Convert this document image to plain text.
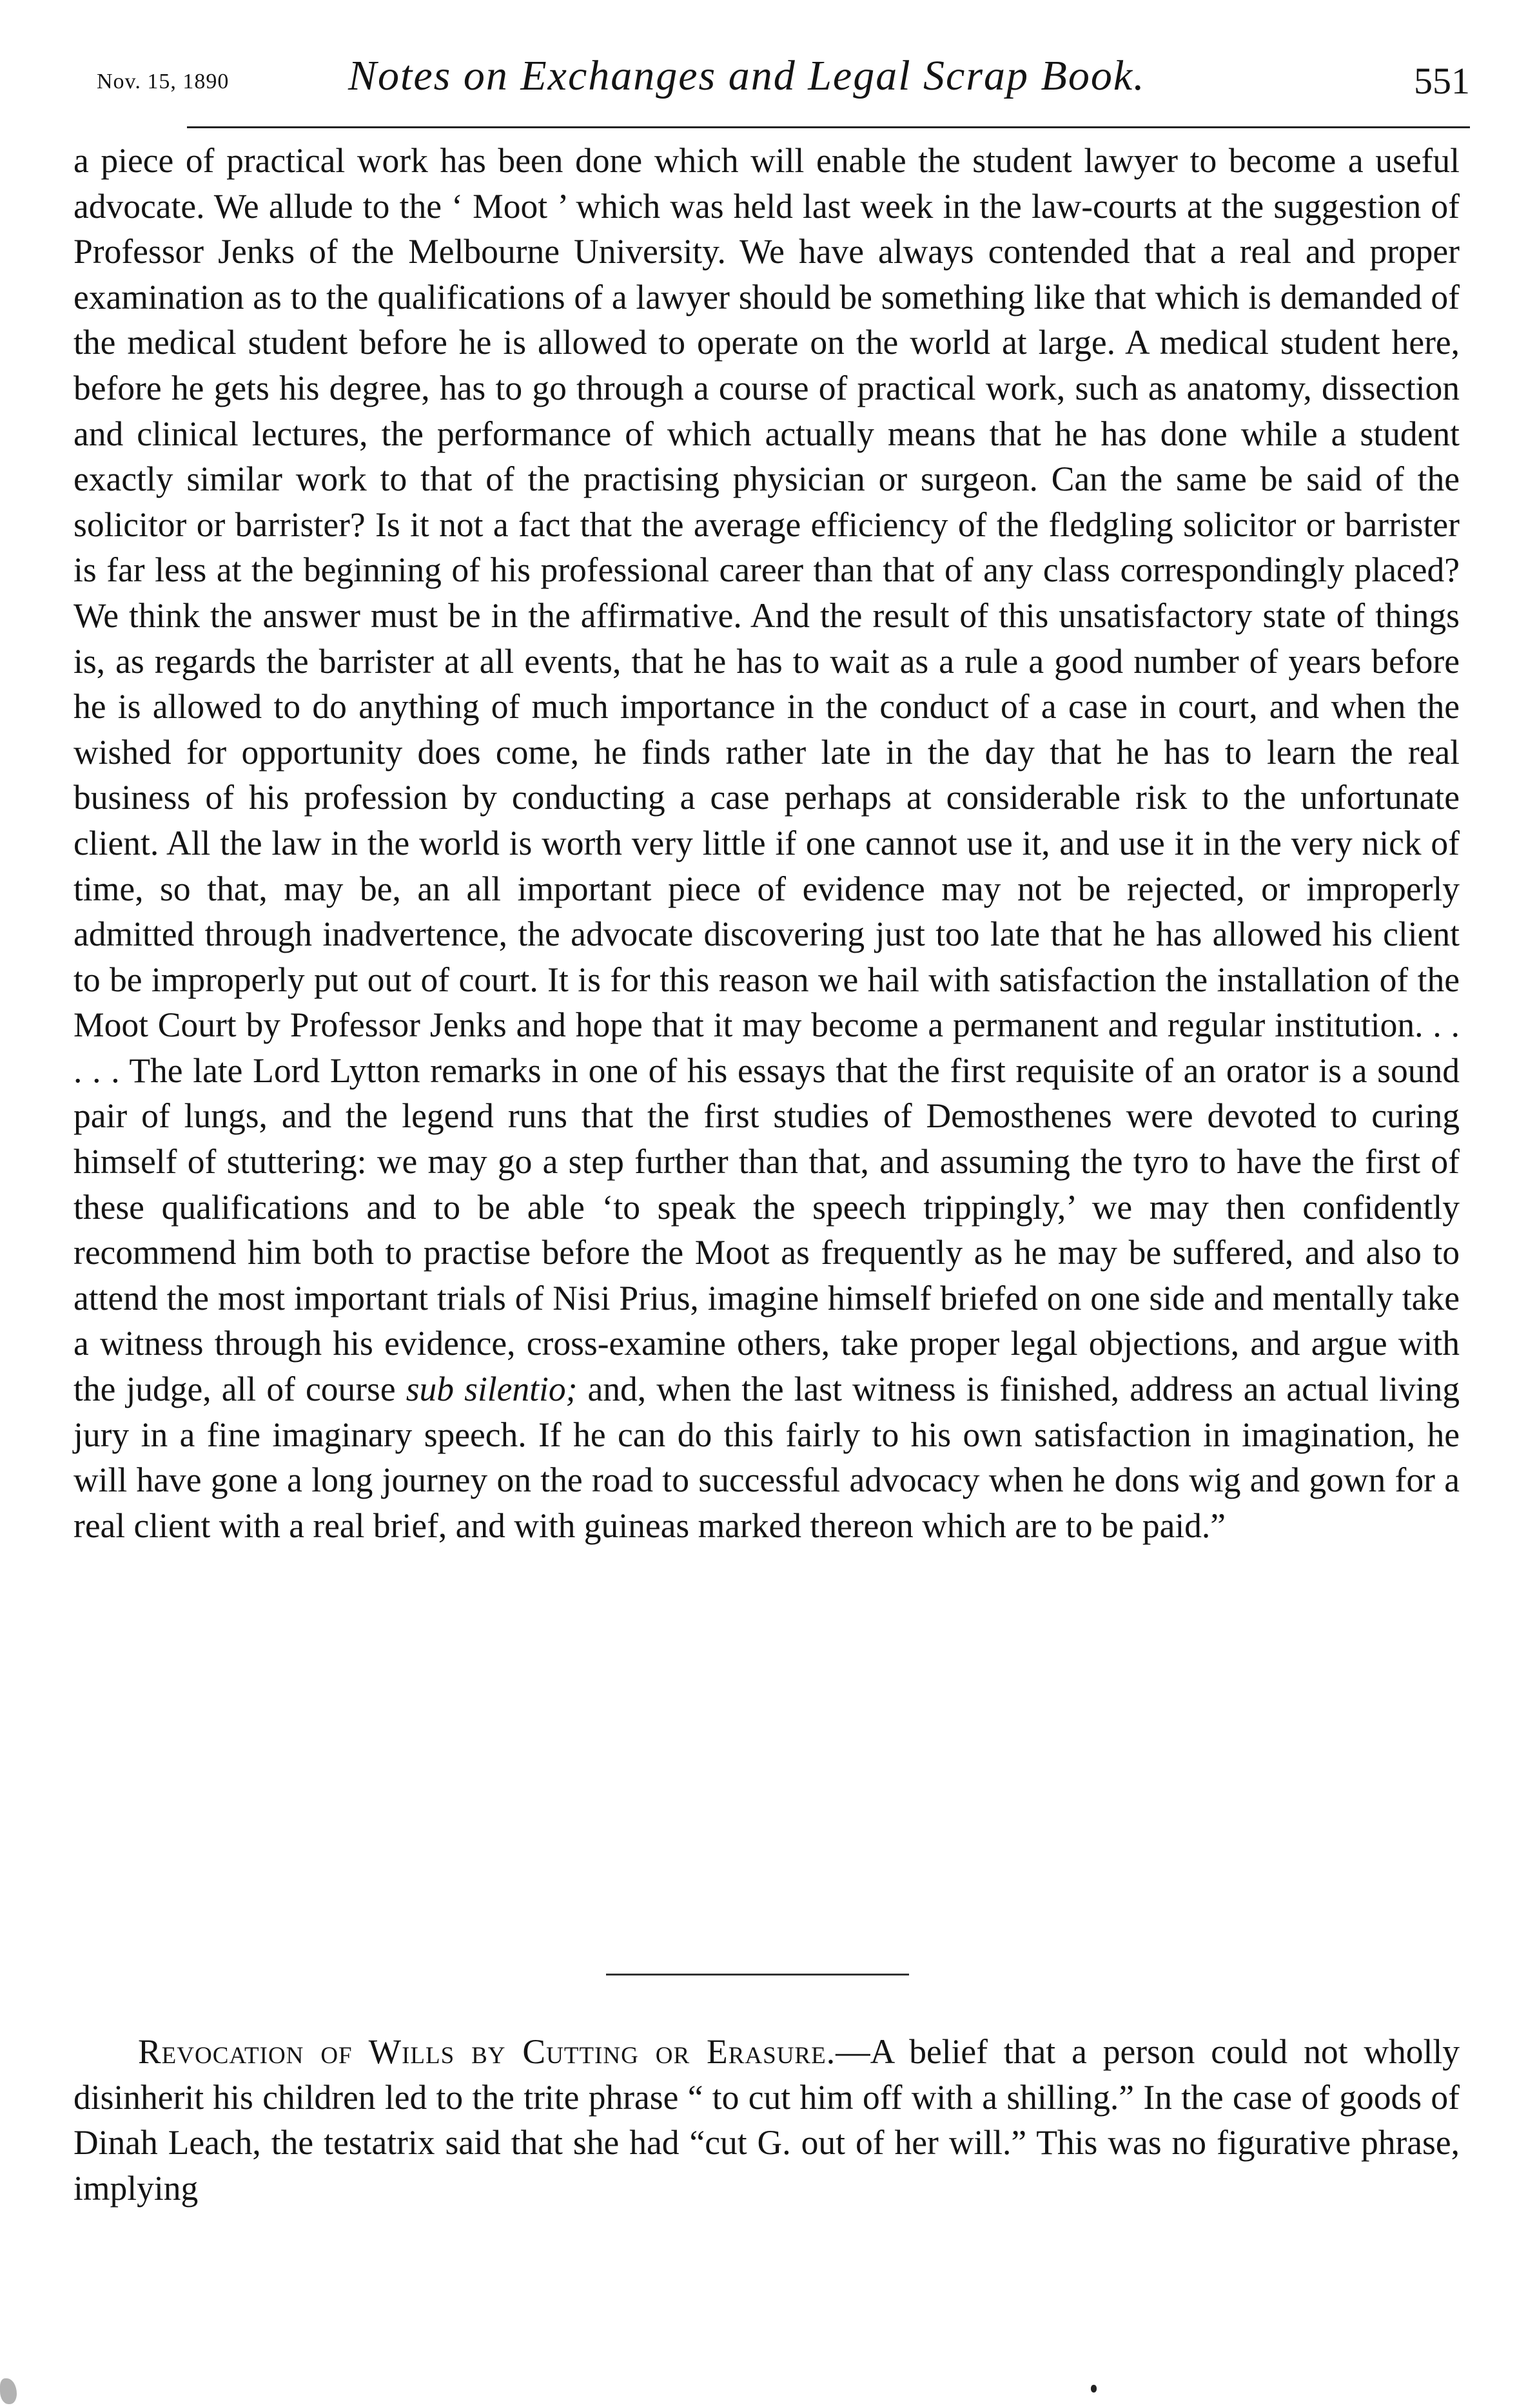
Nov. 15, 1890	Notes on Exchanges and Legal Scrap Book.	551

a piece of practical work has been done which will enable the student lawyer to become a useful advocate. We allude to the ‘ Moot ’ which was held last week in the law-courts at the suggestion of Professor Jenks of the Melbourne University. We have always contended that a real and proper examination as to the qualifications of a lawyer should be something like that which is demanded of the medical student before he is allowed to operate on the world at large. A medical student here, before he gets his degree, has to go through a course of practical work, such as anatomy, dissection and clinical lectures, the performance of which actually means that he has done while a student exactly similar work to that of the practising physician or surgeon. Can the same be said of the solicitor or barrister? Is it not a fact that the average efficiency of the fledgling solicitor or barrister is far less at the beginning of his professional career than that of any class correspondingly placed? We think the answer must be in the affirmative. And the result of this unsatisfactory state of things is, as regards the barrister at all events, that he has to wait as a rule a good number of years before he is allowed to do anything of much importance in the conduct of a case in court, and when the wished for opportunity does come, he finds rather late in the day that he has to learn the real business of his profession by conducting a case perhaps at considerable risk to the unfortunate client. All the law in the world is worth very little if one cannot use it, and use it in the very nick of time, so that, may be, an all important piece of evidence may not be rejected, or improperly admitted through inadvertence, the advocate discovering just too late that he has allowed his client to be improperly put out of court. It is for this reason we hail with satisfaction the installation of the Moot Court by Professor Jenks and hope that it may become a permanent and regular institution. . . . . . The late Lord Lytton remarks in one of his essays that the first requisite of an orator is a sound pair of lungs, and the legend runs that the first studies of Demosthenes were devoted to curing himself of stuttering: we may go a step further than that, and assuming the tyro to have the first of these qualifications and to be able ‘to speak the speech trippingly,’ we may then confidently recommend him both to practise before the Moot as frequently as he may be suffered, and also to attend the most important trials of Nisi Prius, imagine himself briefed on one side and mentally take a witness through his evidence, cross-examine others, take proper legal objections, and argue with the judge, all of course sub silentio; and, when the last witness is finished, address an actual living jury in a fine imaginary speech. If he can do this fairly to his own satisfaction in imagination, he will have gone a long journey on the road to successful advocacy when he dons wig and gown for a real client with a real brief, and with guineas marked thereon which are to be paid.”

Revocation of Wills by Cutting or Erasure.—A belief that a person could not wholly disinherit his children led to the trite phrase “ to cut him off with a shilling.” In the case of goods of Dinah Leach, the testatrix said that she had “cut G. out of her will.” This was no figurative phrase, implying
